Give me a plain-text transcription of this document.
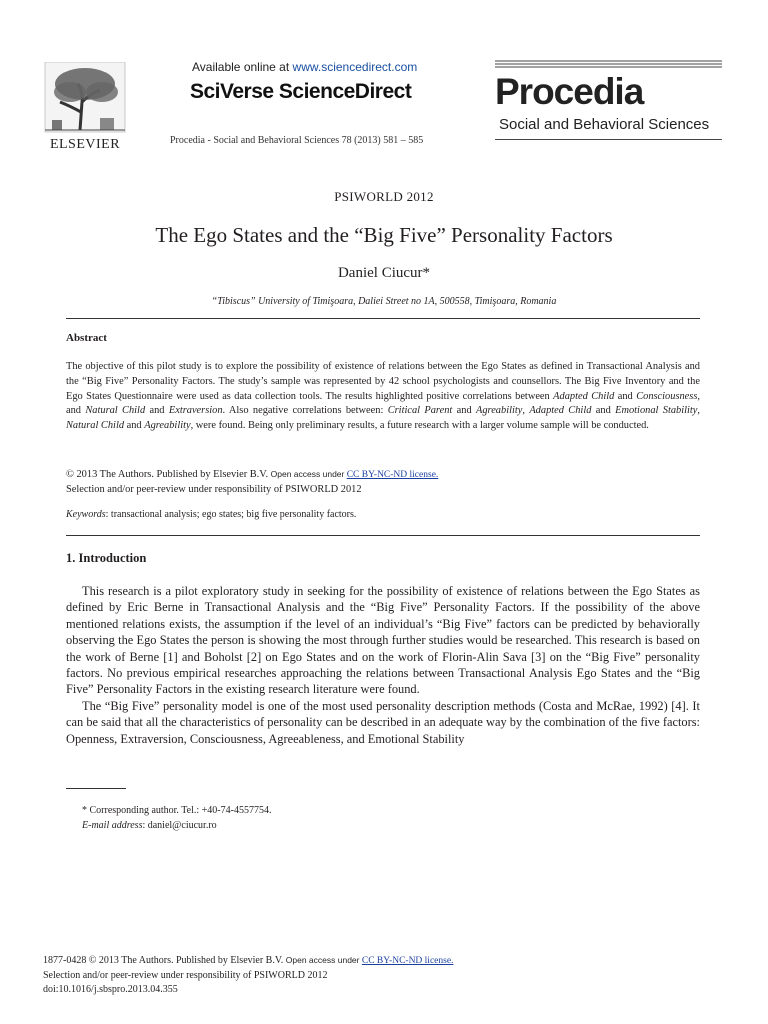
ELSEVIER
Available online at www.sciencedirect.com
SciVerse ScienceDirect
Procedia - Social and Behavioral Sciences 78 (2013) 581 – 585
Procedia
Social and Behavioral Sciences
PSIWORLD 2012
The Ego States and the “Big Five” Personality Factors
Daniel Ciucur*
“Tibiscus” University of Timişoara, Daliei Street no 1A, 500558, Timişoara, Romania
Abstract
The objective of this pilot study is to explore the possibility of existence of relations between the Ego States as defined in Transactional Analysis and the “Big Five” Personality Factors. The study’s sample was represented by 42 school psychologists and counsellors. The Big Five Inventory and the Ego States Questionnaire were used as data collection tools. The results highlighted positive correlations between Adapted Child and Consciousness, and Natural Child and Extraversion. Also negative correlations between: Critical Parent and Agreability, Adapted Child and Emotional Stability, Natural Child and Agreability, were found. Being only preliminary results, a future research with a larger volume sample will be conducted.
© 2013 The Authors. Published by Elsevier B.V. Open access under CC BY-NC-ND license.
Selection and/or peer-review under responsibility of PSIWORLD 2012
Keywords: transactional analysis; ego states; big five personality factors.
1. Introduction

This research is a pilot exploratory study in seeking for the possibility of existence of relations between the Ego States as defined by Eric Berne in Transactional Analysis and the “Big Five” Personality Factors. If the possibility of the above mentioned relations exists, the assumption if the level of an individual’s “Big Five” factors can be predicted by behaviorally observing the Ego States the person is showing the most through further studies would be researched. This research is based on the work of Berne [1] and Boholst [2] on Ego States and on the work of Florin-Alin Sava [3] on the “Big Five” personality factors. No previous empirical researches approaching the relations between Transactional Analysis Ego States and the “Big Five” Personality Factors in the existing research literature were found.

The “Big Five” personality model is one of the most used personality description methods (Costa and McRae, 1992) [4]. It can be said that all the characteristics of personality can be described in an adequate way by the combination of the five factors: Openness, Extraversion, Consciousness, Agreeableness, and Emotional Stability

* Corresponding author. Tel.: +40-74-4557754.
E-mail address: daniel@ciucur.ro
1877-0428 © 2013 The Authors. Published by Elsevier B.V. Open access under CC BY-NC-ND license.
Selection and/or peer-review under responsibility of PSIWORLD 2012
doi:10.1016/j.sbspro.2013.04.355
